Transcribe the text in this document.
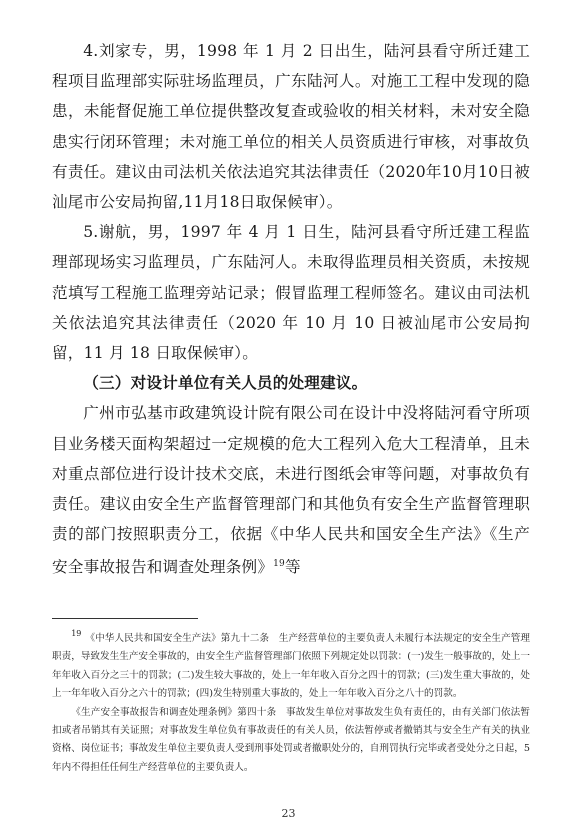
4.刘家专，男，1998 年 1 月 2 日出生，陆河县看守所迁建工程项目监理部实际驻场监理员，广东陆河人。对施工工程中发现的隐患，未能督促施工单位提供整改复查或验收的相关材料，未对安全隐患实行闭环管理；未对施工单位的相关人员资质进行审核，对事故负有责任。建议由司法机关依法追究其法律责任（2020年10月10日被汕尾市公安局拘留,11月18日取保候审）。

5.谢航，男，1997 年 4 月 1 日生，陆河县看守所迁建工程监理部现场实习监理员，广东陆河人。未取得监理员相关资质，未按规范填写工程施工监理旁站记录；假冒监理工程师签名。建议由司法机关依法追究其法律责任（2020 年 10 月 10 日被汕尾市公安局拘留，11 月 18 日取保候审）。

（三）对设计单位有关人员的处理建议。

广州市弘基市政建筑设计院有限公司在设计中没将陆河看守所项目业务楼天面构架超过一定规模的危大工程列入危大工程清单，且未对重点部位进行设计技术交底，未进行图纸会审等问题，对事故负有责任。建议由安全生产监督管理部门和其他负有安全生产监督管理职责的部门按照职责分工，依据《中华人民共和国安全生产法》《生产安全事故报告和调查处理条例》$^{19}$等

$^{19}$ 《中华人民共和国安全生产法》第九十二条　生产经营单位的主要负责人未履行本法规定的安全生产管理职责，导致发生生产安全事故的，由安全生产监督管理部门依照下列规定处以罚款：(一)发生一般事故的，处上一年年收入百分之三十的罚款；(二)发生较大事故的，处上一年年收入百分之四十的罚款；(三)发生重大事故的，处上一年年收入百分之六十的罚款；(四)发生特别重大事故的，处上一年年收入百分之八十的罚款。

《生产安全事故报告和调查处理条例》第四十条　事故发生单位对事故发生负有责任的，由有关部门依法暂扣或者吊销其有关证照；对事故发生单位负有事故责任的有关人员，依法暂停或者撤销其与安全生产有关的执业资格、岗位证书；事故发生单位主要负责人受到刑事处罚或者撤职处分的，自刑罚执行完毕或者受处分之日起，5年内不得担任任何生产经营单位的主要负责人。

23
